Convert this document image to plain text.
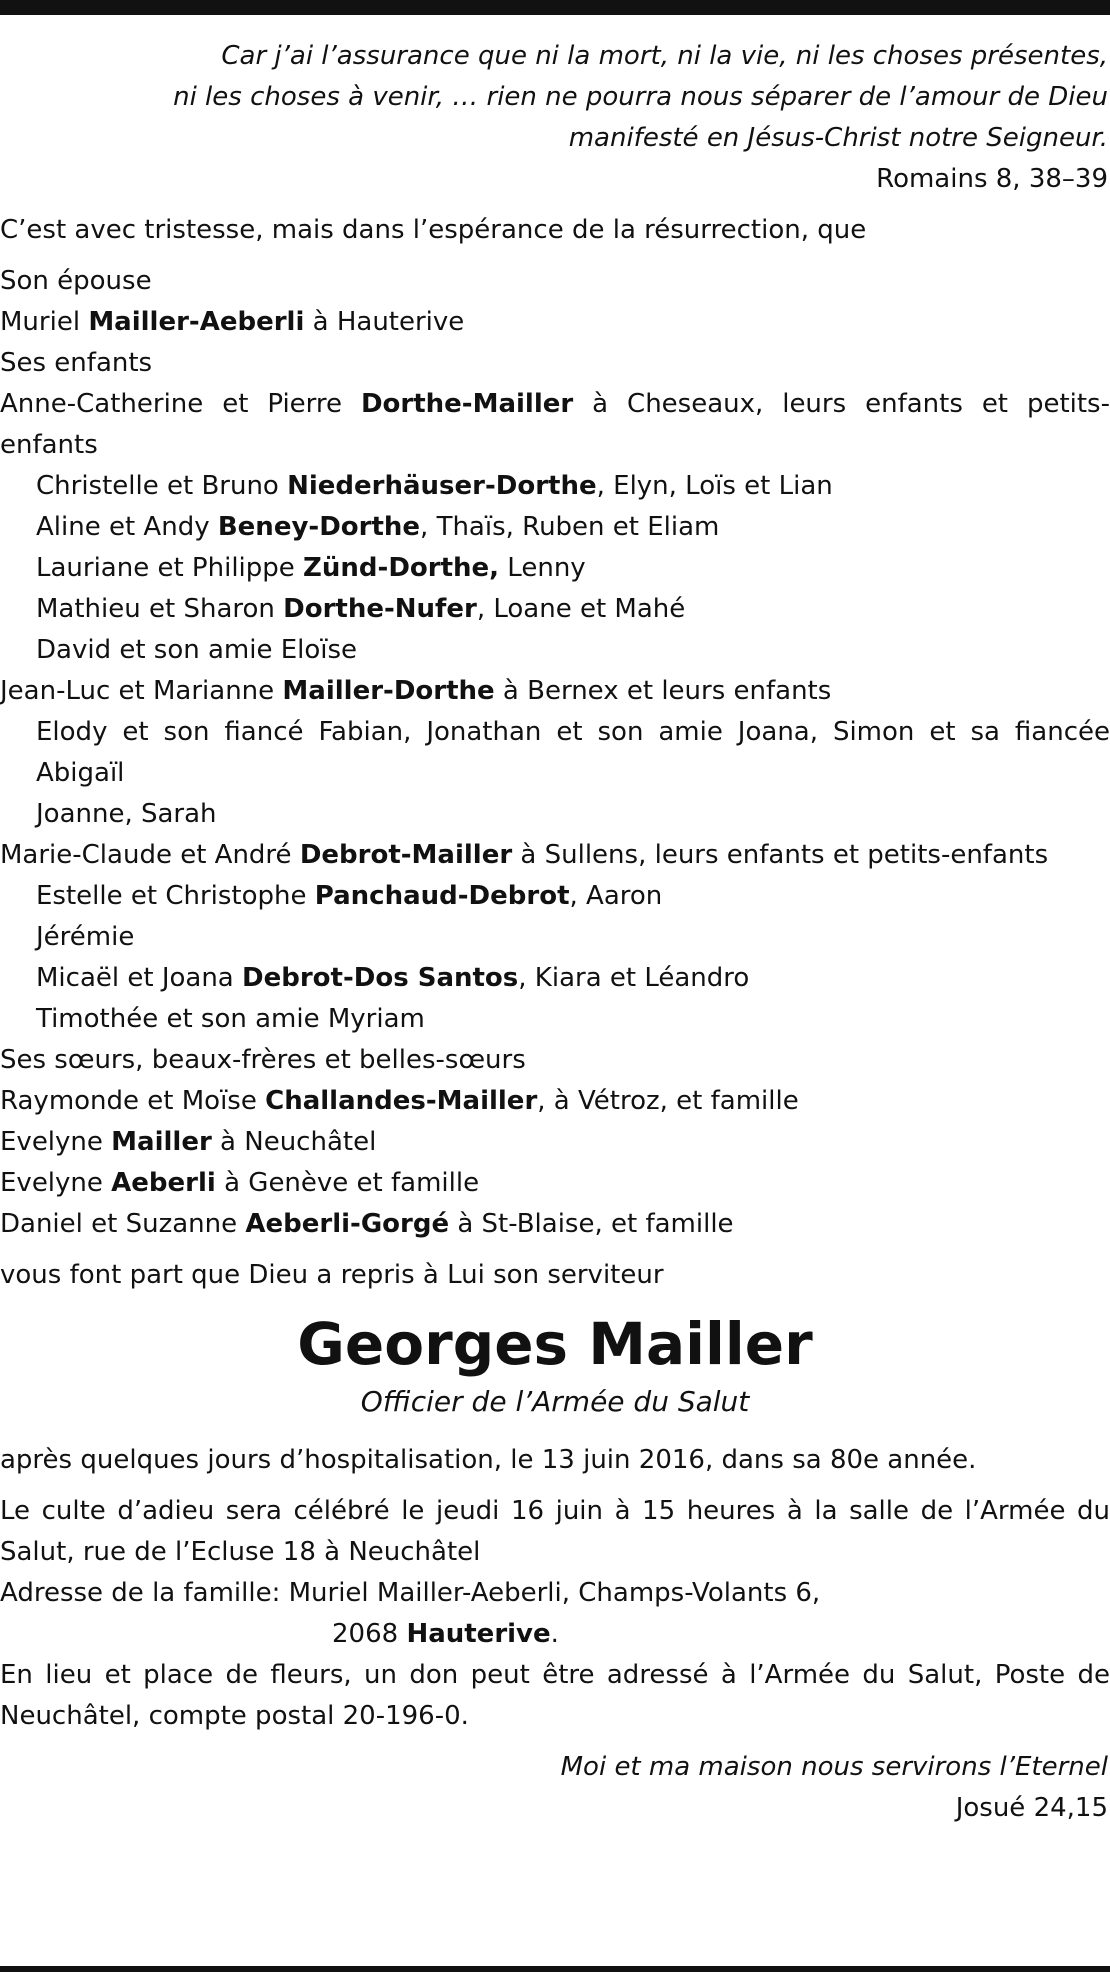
Car j’ai l’assurance que ni la mort, ni la vie, ni les choses présentes,

ni les choses à venir, … rien ne pourra nous séparer de l’amour de Dieu

manifesté en Jésus-Christ notre Seigneur.

Romains 8, 38–39

C’est avec tristesse, mais dans l’espérance de la résurrection, que

Son épouse

Muriel Mailler-Aeberli à Hauterive

Ses enfants

Anne-Catherine et Pierre Dorthe-Mailler à Cheseaux, leurs enfants et petits-enfants

Christelle et Bruno Niederhäuser-Dorthe, Elyn, Loïs et Lian

Aline et Andy Beney-Dorthe, Thaïs, Ruben et Eliam

Lauriane et Philippe Zünd-Dorthe, Lenny

Mathieu et Sharon Dorthe-Nufer, Loane et Mahé

David et son amie Eloïse

Jean-Luc et Marianne Mailler-Dorthe à Bernex et leurs enfants

Elody et son fiancé Fabian, Jonathan et son amie Joana, Simon et sa fiancée Abigaïl

Joanne, Sarah

Marie-Claude et André Debrot-Mailler à Sullens, leurs enfants et petits-enfants

Estelle et Christophe Panchaud-Debrot, Aaron

Jérémie

Micaël et Joana Debrot-Dos Santos, Kiara et Léandro

Timothée et son amie Myriam

Ses sœurs, beaux-frères et belles-sœurs

Raymonde et Moïse Challandes-Mailler, à Vétroz, et famille

Evelyne Mailler à Neuchâtel

Evelyne Aeberli à Genève et famille

Daniel et Suzanne Aeberli-Gorgé à St-Blaise, et famille

vous font part que Dieu a repris à Lui son serviteur

Georges Mailler
Officier de l’Armée du Salut

après quelques jours d’hospitalisation, le 13 juin 2016, dans sa 80e année.

Le culte d’adieu sera célébré le jeudi 16 juin à 15 heures à la salle de l’Armée du Salut, rue de l’Ecluse 18 à Neuchâtel

Adresse de la famille: Muriel Mailler-Aeberli, Champs-Volants 6,

2068 Hauterive.

En lieu et place de fleurs, un don peut être adressé à l’Armée du Salut, Poste de Neuchâtel, compte postal 20-196-0.

Moi et ma maison nous servirons l’Eternel

Josué 24,15
